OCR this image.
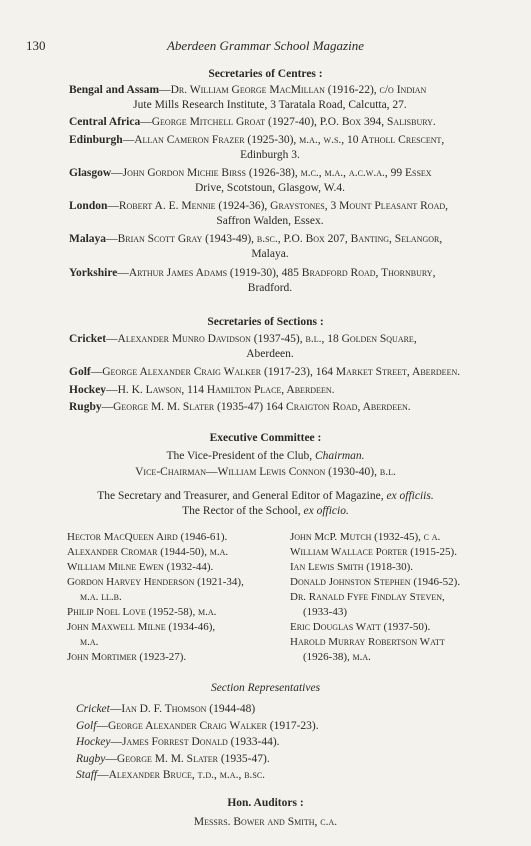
130	Aberdeen Grammar School Magazine
Secretaries of Centres :
Bengal and Assam—Dr. William George MacMillan (1916-22), c/o Indian
Jute Mills Research Institute, 3 Taratala Road, Calcutta, 27.
Central Africa—George Mitchell Groat (1927-40), P.O. Box 394, Salisbury.
Edinburgh—Allan Cameron Frazer (1925-30), m.a., w.s., 10 Atholl Crescent,
Edinburgh 3.
Glasgow—John Gordon Michie Birss (1926-38), m.c., m.a., a.c.w.a., 99 Essex
Drive, Scotstoun, Glasgow, W.4.
London—Robert A. E. Mennie (1924-36), Graystones, 3 Mount Pleasant Road,
Saffron Walden, Essex.
Malaya—Brian Scott Gray (1943-49), b.sc., P.O. Box 207, Banting, Selangor,
Malaya.
Yorkshire—Arthur James Adams (1919-30), 485 Bradford Road, Thornbury,
Bradford.
Secretaries of Sections :
Cricket—Alexander Munro Davidson (1937-45), b.l., 18 Golden Square,
Aberdeen.
Golf—George Alexander Craig Walker (1917-23), 164 Market Street, Aberdeen.
Hockey—H. K. Lawson, 114 Hamilton Place, Aberdeen.
Rugby—George M. M. Slater (1935-47) 164 Craigton Road, Aberdeen.
Executive Committee :
The Vice-President of the Club, Chairman.
Vice-Chairman—William Lewis Connon (1930-40), b.l.
The Secretary and Treasurer, and General Editor of Magazine, ex officiis.
The Rector of the School, ex officio.
Hector MacQueen Aird (1946-61).
Alexander Cromar (1944-50), m.a.
William Milne Ewen (1932-44).
Gordon Harvey Henderson (1921-34),
m.a. ll.b.
Philip Noel Love (1952-58), m.a.
John Maxwell Milne (1934-46),
m.a.
John Mortimer (1923-27).
John McP. Mutch (1932-45), c a.
William Wallace Porter (1915-25).
Ian Lewis Smith (1918-30).
Donald Johnston Stephen (1946-52).
Dr. Ranald Fyfe Findlay Steven,
(1933-43)
Eric Douglas Watt (1937-50).
Harold Murray Robertson Watt
(1926-38), m.a.
Section Representatives
Cricket—Ian D. F. Thomson (1944-48)
Golf—George Alexander Craig Walker (1917-23).
Hockey—James Forrest Donald (1933-44).
Rugby—George M. M. Slater (1935-47).
Staff—Alexander Bruce, t.d., m.a., b.sc.
Hon. Auditors :
Messrs. Bower and Smith, c.a.
